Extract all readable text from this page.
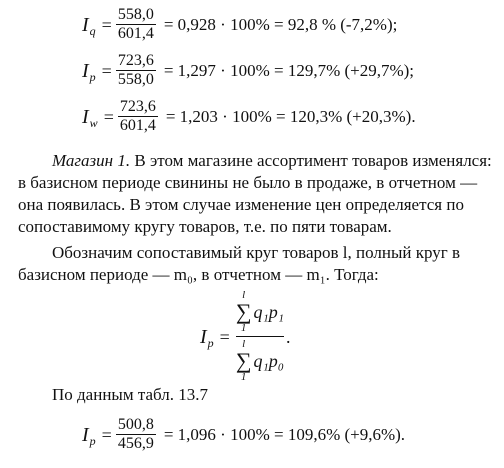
$I_q = \frac{558,0}{601,4} = 0,928 \cdot 100\% = 92,8$ % (-7,2%);
$I_p = \frac{723,6}{558,0} = 1,297 \cdot 100\% = 129,7\%$ (+29,7%);
$I_w = \frac{723,6}{601,4} = 1,203 \cdot 100\% = 120,3\%$ (+20,3%).
Магазин 1. В этом магазине ассортимент товаров изменялся:
в базисном периоде свинины не было в продаже, в отчетном —
она появилась. В этом случае изменение цен определяется по
сопоставимому кругу товаров, т.е. по пяти товарам.
Обозначим сопоставимый круг товаров l, полный круг в
базисном периоде — m₀, в отчетном — m₁. Тогда:
$I_p = l$
∑
1
q₁p₁
l
∑
1
q₁p₀ .
По данным табл. 13.7
$I_p = \frac{500,8}{456,9} = 1,096 \cdot 100\% = 109,6\%$ (+9,6%).
